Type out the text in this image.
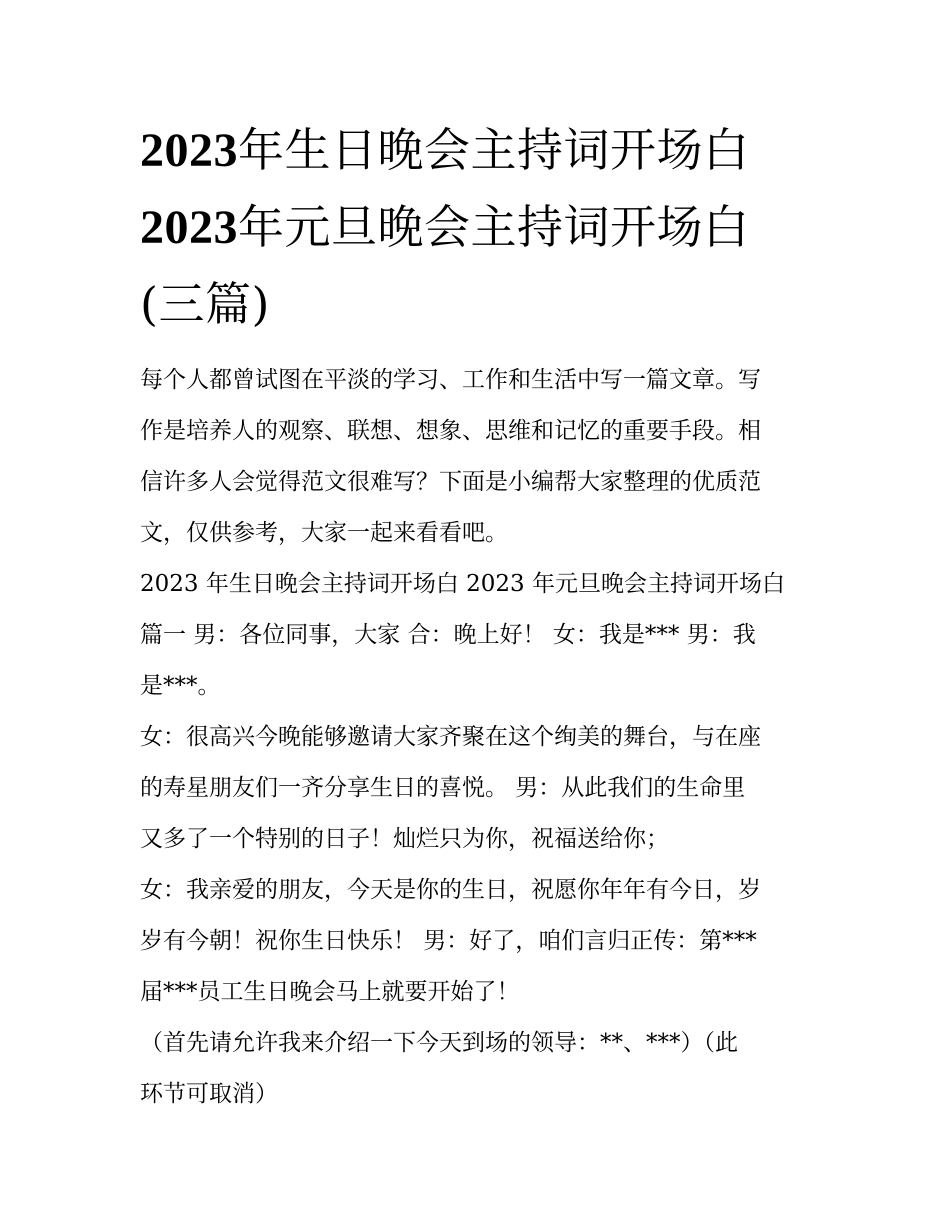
2023年生日晚会主持词开场白
2023年元旦晚会主持词开场白
(三篇)

每个人都曾试图在平淡的学习、工作和生活中写一篇文章。写
作是培养人的观察、联想、想象、思维和记忆的重要手段。相
信许多人会觉得范文很难写？下面是小编帮大家整理的优质范
文，仅供参考，大家一起来看看吧。

2023 年生日晚会主持词开场白 2023 年元旦晚会主持词开场白
篇一 男：各位同事，大家 合：晚上好！ 女：我是*** 男：我
是***。

女：很高兴今晚能够邀请大家齐聚在这个绚美的舞台，与在座
的寿星朋友们一齐分享生日的喜悦。 男：从此我们的生命里
又多了一个特别的日子！灿烂只为你，祝福送给你；

女：我亲爱的朋友，今天是你的生日，祝愿你年年有今日，岁
岁有今朝！祝你生日快乐！ 男：好了，咱们言归正传：第***
届***员工生日晚会马上就要开始了！

（首先请允许我来介绍一下今天到场的领导：**、***）（此
环节可取消）
